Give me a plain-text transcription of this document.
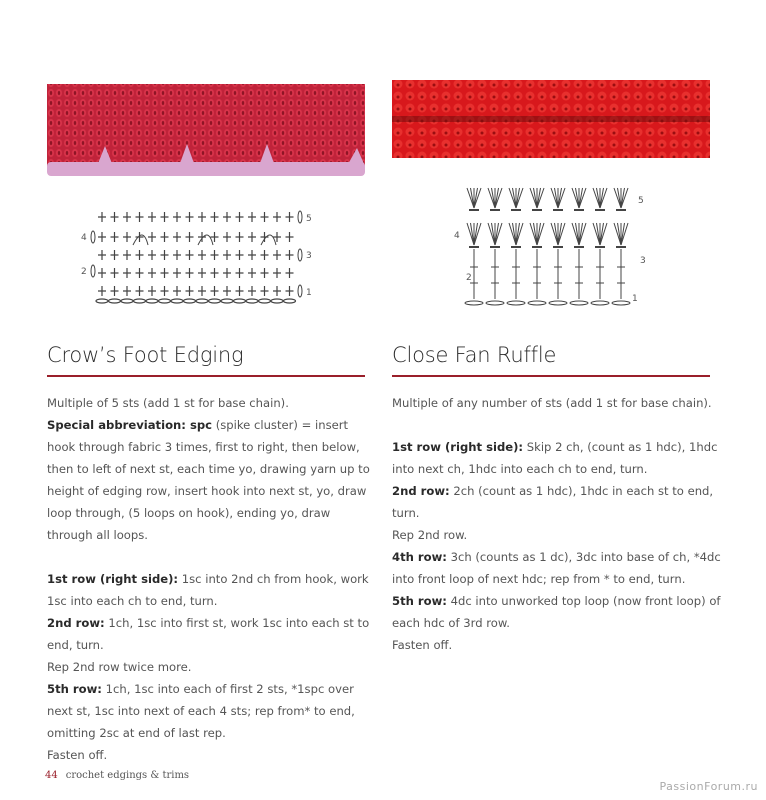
5
4
3
2
1
5
4
3
2
1
Crow’s Foot Edging

Multiple of 5 sts (add 1 st for base chain).

Special abbreviation: spc (spike cluster) = insert hook through fabric 3 times, first to right, then below, then to left of next st, each time yo, drawing yarn up to height of edging row, insert hook into next st, yo, draw loop through, (5 loops on hook), ending yo, draw through all loops.

1st row (right side): 1sc into 2nd ch from hook, work 1sc into each ch to end, turn.

2nd row: 1ch, 1sc into first st, work 1sc into each st to end, turn.

Rep 2nd row twice more.

5th row: 1ch, 1sc into each of first 2 sts, *1spc over next st, 1sc into next of each 4 sts; rep from* to end, omitting 2sc at end of last rep.

Fasten off.

Close Fan Ruffle

Multiple of any number of sts (add 1 st for base chain).

1st row (right side): Skip 2 ch, (count as 1 hdc), 1hdc into next ch, 1hdc into each ch to end, turn.

2nd row: 2ch (count as 1 hdc), 1hdc in each st to end, turn.

Rep 2nd row.

4th row: 3ch (counts as 1 dc), 3dc into base of ch, *4dc into front loop of next hdc; rep from * to end, turn.

5th row: 4dc into unworked top loop (now front loop) of each hdc of 3rd row.

Fasten off.

44 crochet edgings & trims
PassionForum.ru
